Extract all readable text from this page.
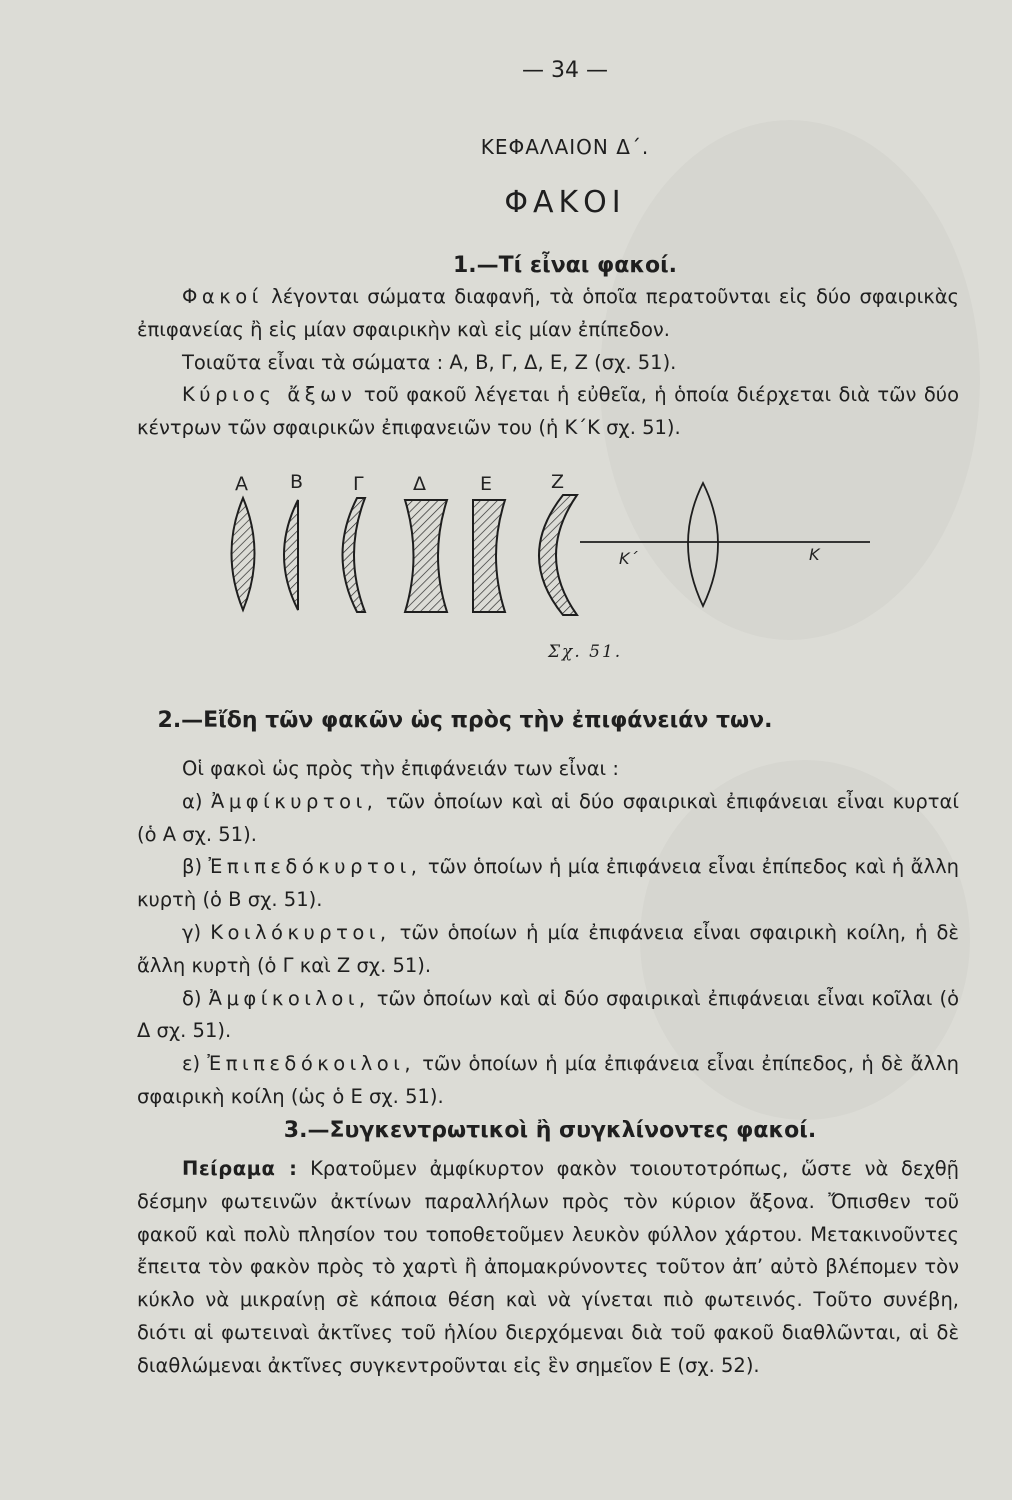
— 34 —
ΚΕΦΑΛΑΙΟΝ Δ΄.
ΦΑΚΟΙ
1.—Τί εἶναι φακοί.

Φακοί λέγονται σώματα διαφανῆ, τὰ ὁποῖα περατοῦνται εἰς δύο σφαιρικὰς ἐπιφανείας ἢ εἰς μίαν σφαιρικὴν καὶ εἰς μίαν ἐπίπεδον.

Τοιαῦτα εἶναι τὰ σώματα : Α, Β, Γ, Δ, Ε, Ζ (σχ. 51).

Κύριος ἄξων τοῦ φακοῦ λέγεται ἡ εὐθεῖα, ἡ ὁποία διέρχεται διὰ τῶν δύο κέντρων τῶν σφαιρικῶν ἐπιφανειῶν του (ἡ Κ΄Κ σχ. 51).

Α Β	Γ	Δ	Ε	Ζ
Κ΄	Κ
Σχ. 51.
2.—Εἴδη τῶν φακῶν ὡς πρὸς τὴν ἐπιφάνειάν των.

Οἱ φακοὶ ὡς πρὸς τὴν ἐπιφάνειάν των εἶναι :

α) Ἀμφίκυρτοι, τῶν ὁποίων καὶ αἱ δύο σφαιρικαὶ ἐπιφάνειαι εἶναι κυρταί (ὁ Α σχ. 51).

β) Ἐπιπεδόκυρτοι, τῶν ὁποίων ἡ μία ἐπιφάνεια εἶναι ἐπίπεδος καὶ ἡ ἄλλη κυρτὴ (ὁ Β σχ. 51).

γ) Κοιλόκυρτοι, τῶν ὁποίων ἡ μία ἐπιφάνεια εἶναι σφαιρικὴ κοίλη, ἡ δὲ ἄλλη κυρτὴ (ὁ Γ καὶ Ζ σχ. 51).

δ) Ἀμφίκοιλοι, τῶν ὁποίων καὶ αἱ δύο σφαιρικαὶ ἐπιφάνειαι εἶναι κοῖλαι (ὁ Δ σχ. 51).

ε) Ἐπιπεδόκοιλοι, τῶν ὁποίων ἡ μία ἐπιφάνεια εἶναι ἐπίπεδος, ἡ δὲ ἄλλη σφαιρικὴ κοίλη (ὡς ὁ Ε σχ. 51).

3.—Συγκεντρωτικοὶ ἢ συγκλίνοντες φακοί.

Πείραμα : Κρατοῦμεν ἀμφίκυρτον φακὸν τοιουτοτρόπως, ὥστε νὰ δεχθῇ δέσμην φωτεινῶν ἀκτίνων παραλλήλων πρὸς τὸν κύριον ἄξονα. Ὄπισθεν τοῦ φακοῦ καὶ πολὺ πλησίον του τοποθετοῦμεν λευκὸν φύλλον χάρτου. Μετακινοῦντες ἔπειτα τὸν φακὸν πρὸς τὸ χαρτὶ ἢ ἀπομακρύνοντες τοῦτον ἀπ’ αὐτὸ βλέπομεν τὸν κύκλο νὰ μικραίνῃ σὲ κάποια θέση καὶ νὰ γίνεται πιὸ φωτεινός. Τοῦτο συνέβη, διότι αἱ φωτειναὶ ἀκτῖνες τοῦ ἡλίου διερχόμεναι διὰ τοῦ φακοῦ διαθλῶνται, αἱ δὲ διαθλώμεναι ἀκτῖνες συγκεντροῦνται εἰς ἓν σημεῖον Ε (σχ. 52).
